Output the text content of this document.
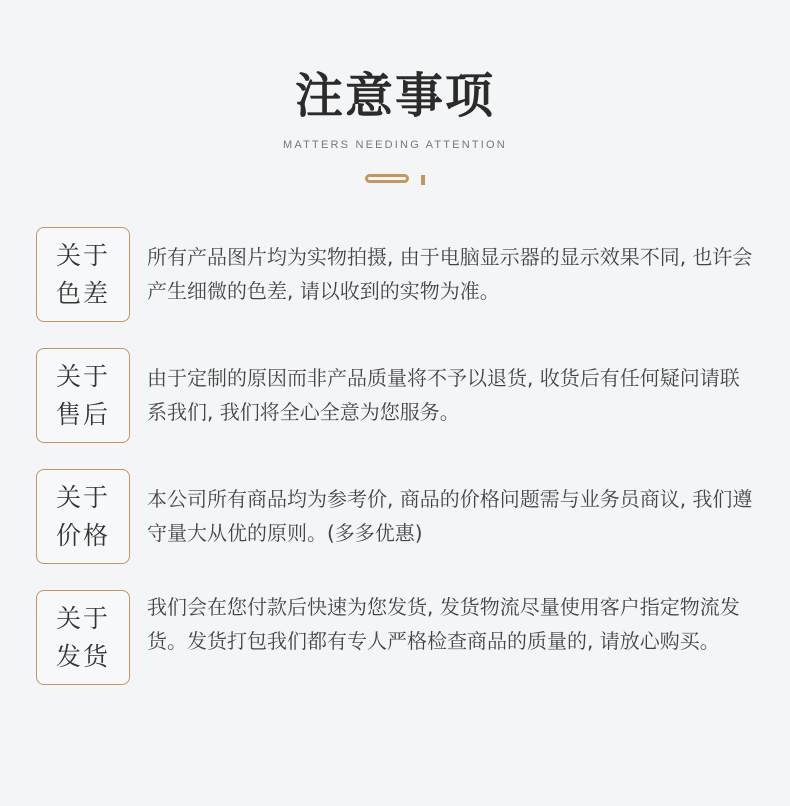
注意事项
MATTERS NEEDING ATTENTION
关于
色差

所有产品图片均为实物拍摄, 由于电脑显示器的显示效果不同, 也许会产生细微的色差, 请以收到的实物为准。

关于
售后

由于定制的原因而非产品质量将不予以退货, 收货后有任何疑问请联系我们, 我们将全心全意为您服务。

关于
价格

本公司所有商品均为参考价, 商品的价格问题需与业务员商议, 我们遵守量大从优的原则。(多多优惠)

关于
发货

我们会在您付款后快速为您发货, 发货物流尽量使用客户指定物流发货。发货打包我们都有专人严格检查商品的质量的, 请放心购买。
